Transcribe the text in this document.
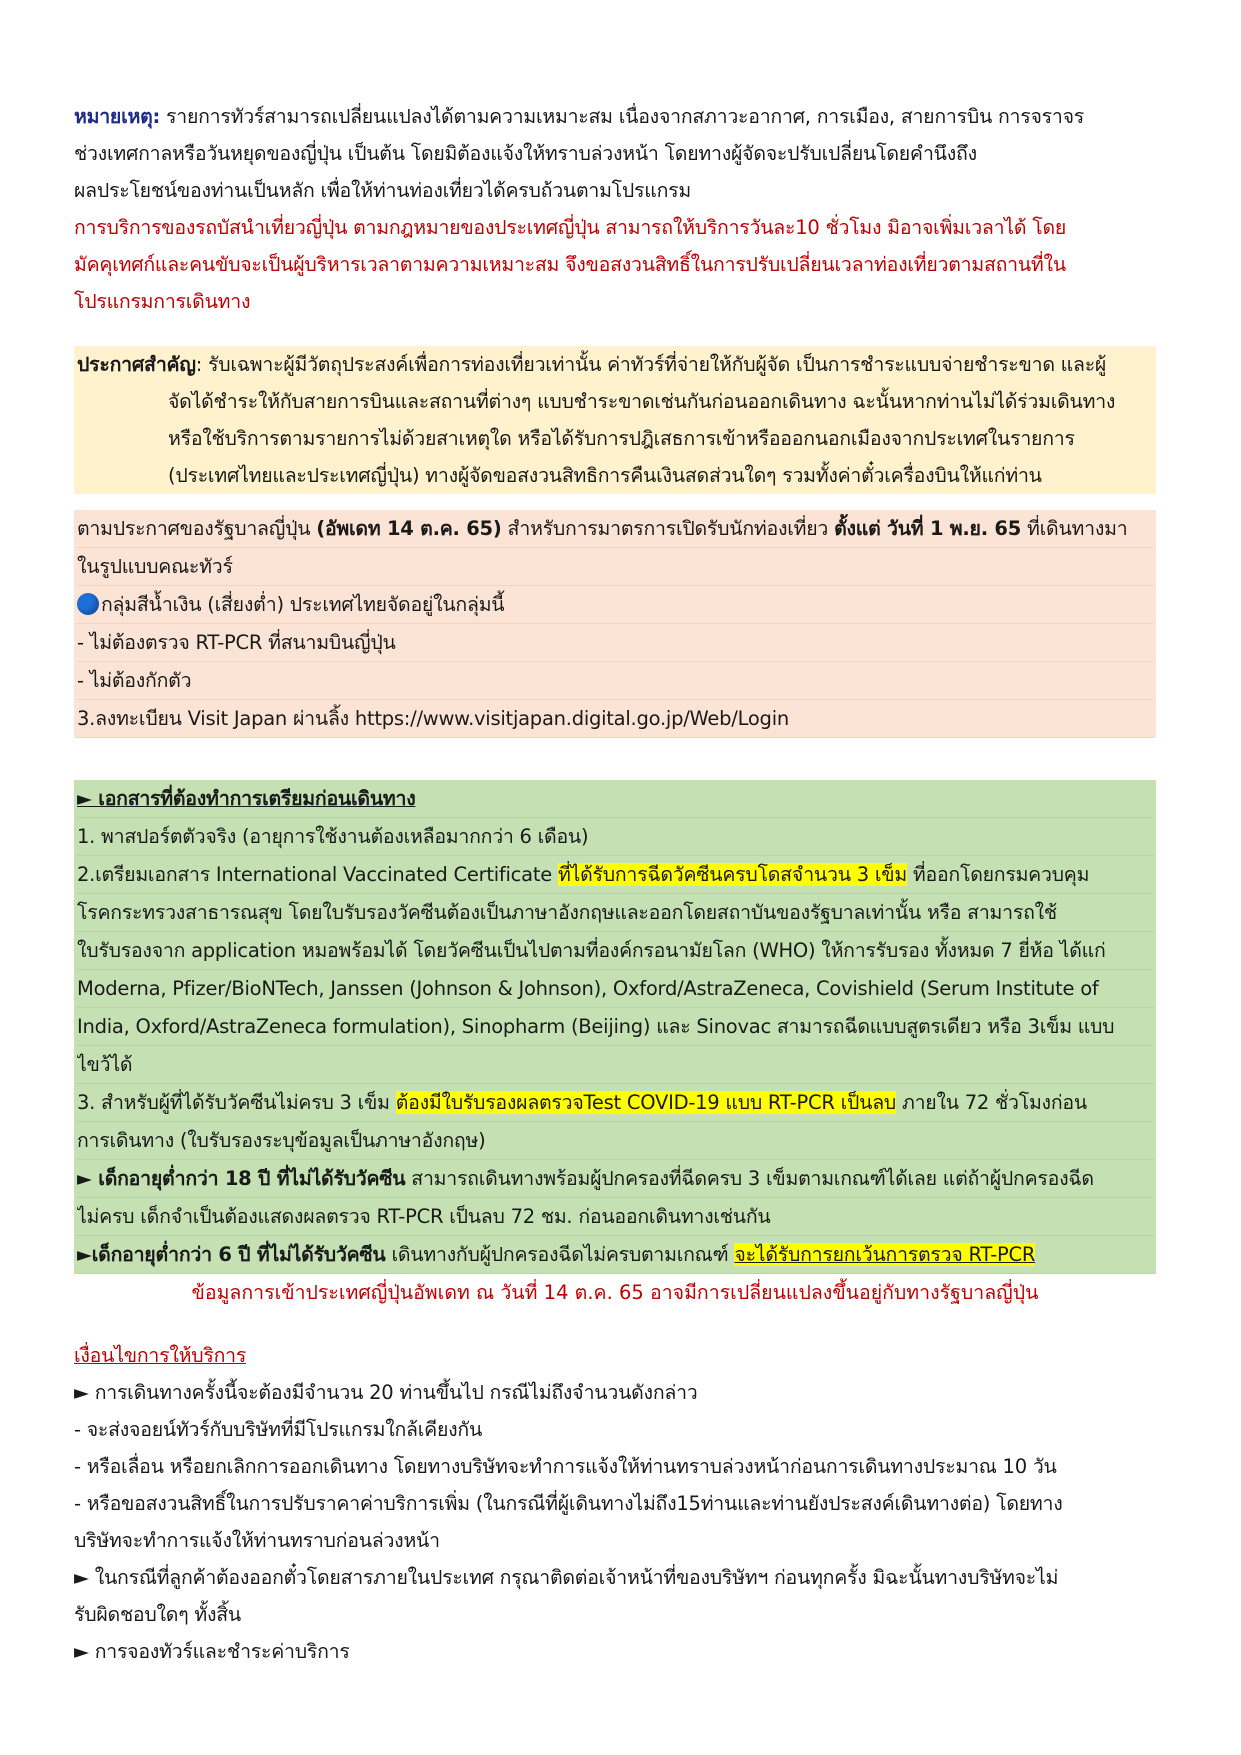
หมายเหตุ: รายการทัวร์สามารถเปลี่ยนแปลงได้ตามความเหมาะสม เนื่องจากสภาวะอากาศ, การเมือง, สายการบิน การจราจร
ช่วงเทศกาลหรือวันหยุดของญี่ปุ่น เป็นต้น โดยมิต้องแจ้งให้ทราบล่วงหน้า โดยทางผู้จัดจะปรับเปลี่ยนโดยคำนึงถึง
ผลประโยชน์ของท่านเป็นหลัก เพื่อให้ท่านท่องเที่ยวได้ครบถ้วนตามโปรแกรม
การบริการของรถบัสนำเที่ยวญี่ปุ่น ตามกฎหมายของประเทศญี่ปุ่น สามารถให้บริการวันละ10 ชั่วโมง มิอาจเพิ่มเวลาได้ โดย
มัคคุเทศก์และคนขับจะเป็นผู้บริหารเวลาตามความเหมาะสม จึงขอสงวนสิทธิ์ในการปรับเปลี่ยนเวลาท่องเที่ยวตามสถานที่ใน
โปรแกรมการเดินทาง
ประกาศสำคัญ: รับเฉพาะผู้มีวัตถุประสงค์เพื่อการท่องเที่ยวเท่านั้น ค่าทัวร์ที่จ่ายให้กับผู้จัด เป็นการชำระแบบจ่ายชำระขาด และผู้
จัดได้ชำระให้กับสายการบินและสถานที่ต่างๆ แบบชำระขาดเช่นกันก่อนออกเดินทาง ฉะนั้นหากท่านไม่ได้ร่วมเดินทาง
หรือใช้บริการตามรายการไม่ด้วยสาเหตุใด หรือได้รับการปฎิเสธการเข้าหรือออกนอกเมืองจากประเทศในรายการ
(ประเทศไทยและประเทศญี่ปุ่น) ทางผู้จัดขอสงวนสิทธิการคืนเงินสดส่วนใดๆ รวมทั้งค่าตั๋วเครื่องบินให้แก่ท่าน
ตามประกาศของรัฐบาลญี่ปุ่น (อัพเดท 14 ต.ค. 65) สำหรับการมาตรการเปิดรับนักท่องเที่ยว ตั้งแต่ วันที่ 1 พ.ย. 65 ที่เดินทางมา
ในรูปแบบคณะทัวร์
กลุ่มสีน้ำเงิน (เสี่ยงต่ำ) ประเทศไทยจัดอยู่ในกลุ่มนี้
- ไม่ต้องตรวจ RT-PCR ที่สนามบินญี่ปุ่น
- ไม่ต้องกักตัว
3.ลงทะเบียน Visit Japan ผ่านลิ้ง https://www.visitjapan.digital.go.jp/Web/Login
► เอกสารที่ต้องทำการเตรียมก่อนเดินทาง
1. พาสปอร์ตตัวจริง (อายุการใช้งานต้องเหลือมากกว่า 6 เดือน)
2.เตรียมเอกสาร International Vaccinated Certificate ที่ได้รับการฉีดวัคซีนครบโดสจำนวน 3 เข็ม ที่ออกโดยกรมควบคุม
โรคกระทรวงสาธารณสุข โดยใบรับรองวัคซีนต้องเป็นภาษาอังกฤษและออกโดยสถาบันของรัฐบาลเท่านั้น หรือ สามารถใช้
ใบรับรองจาก application หมอพร้อมได้ โดยวัคซีนเป็นไปตามที่องค์กรอนามัยโลก (WHO) ให้การรับรอง ทั้งหมด 7 ยี่ห้อ ได้แก่
Moderna, Pfizer/BioNTech, Janssen (Johnson & Johnson), Oxford/AstraZeneca, Covishield (Serum Institute of
India, Oxford/AstraZeneca formulation), Sinopharm (Beijing) และ Sinovac สามารถฉีดแบบสูตรเดียว หรือ 3เข็ม แบบ
ไขว้ได้
3. สำหรับผู้ที่ได้รับวัคซีนไม่ครบ 3 เข็ม ต้องมีใบรับรองผลตรวจTest COVID-19 แบบ RT-PCR เป็นลบ ภายใน 72 ชั่วโมงก่อน
การเดินทาง (ใบรับรองระบุข้อมูลเป็นภาษาอังกฤษ)
► เด็กอายุต่ำกว่า 18 ปี ที่ไม่ได้รับวัคซีน สามารถเดินทางพร้อมผู้ปกครองที่ฉีดครบ 3 เข็มตามเกณฑ์ได้เลย แต่ถ้าผู้ปกครองฉีด
ไม่ครบ เด็กจำเป็นต้องแสดงผลตรวจ RT-PCR เป็นลบ 72 ชม. ก่อนออกเดินทางเช่นกัน
►เด็กอายุต่ำกว่า 6 ปี ที่ไม่ได้รับวัคซีน เดินทางกับผู้ปกครองฉีดไม่ครบตามเกณฑ์ จะได้รับการยกเว้นการตรวจ RT-PCR
ข้อมูลการเข้าประเทศญี่ปุ่นอัพเดท ณ วันที่ 14 ต.ค. 65 อาจมีการเปลี่ยนแปลงขึ้นอยู่กับทางรัฐบาลญี่ปุ่น
เงื่อนไขการให้บริการ
► การเดินทางครั้งนี้จะต้องมีจำนวน 20 ท่านขึ้นไป กรณีไม่ถึงจำนวนดังกล่าว
- จะส่งจอยน์ทัวร์กับบริษัทที่มีโปรแกรมใกล้เคียงกัน
- หรือเลื่อน หรือยกเลิกการออกเดินทาง โดยทางบริษัทจะทำการแจ้งให้ท่านทราบล่วงหน้าก่อนการเดินทางประมาณ 10 วัน
- หรือขอสงวนสิทธิ์ในการปรับราคาค่าบริการเพิ่ม (ในกรณีที่ผู้เดินทางไม่ถึง15ท่านและท่านยังประสงค์เดินทางต่อ) โดยทาง
บริษัทจะทำการแจ้งให้ท่านทราบก่อนล่วงหน้า
► ในกรณีที่ลูกค้าต้องออกตั๋วโดยสารภายในประเทศ กรุณาติดต่อเจ้าหน้าที่ของบริษัทฯ ก่อนทุกครั้ง มิฉะนั้นทางบริษัทจะไม่
รับผิดชอบใดๆ ทั้งสิ้น
► การจองทัวร์และชำระค่าบริการ
